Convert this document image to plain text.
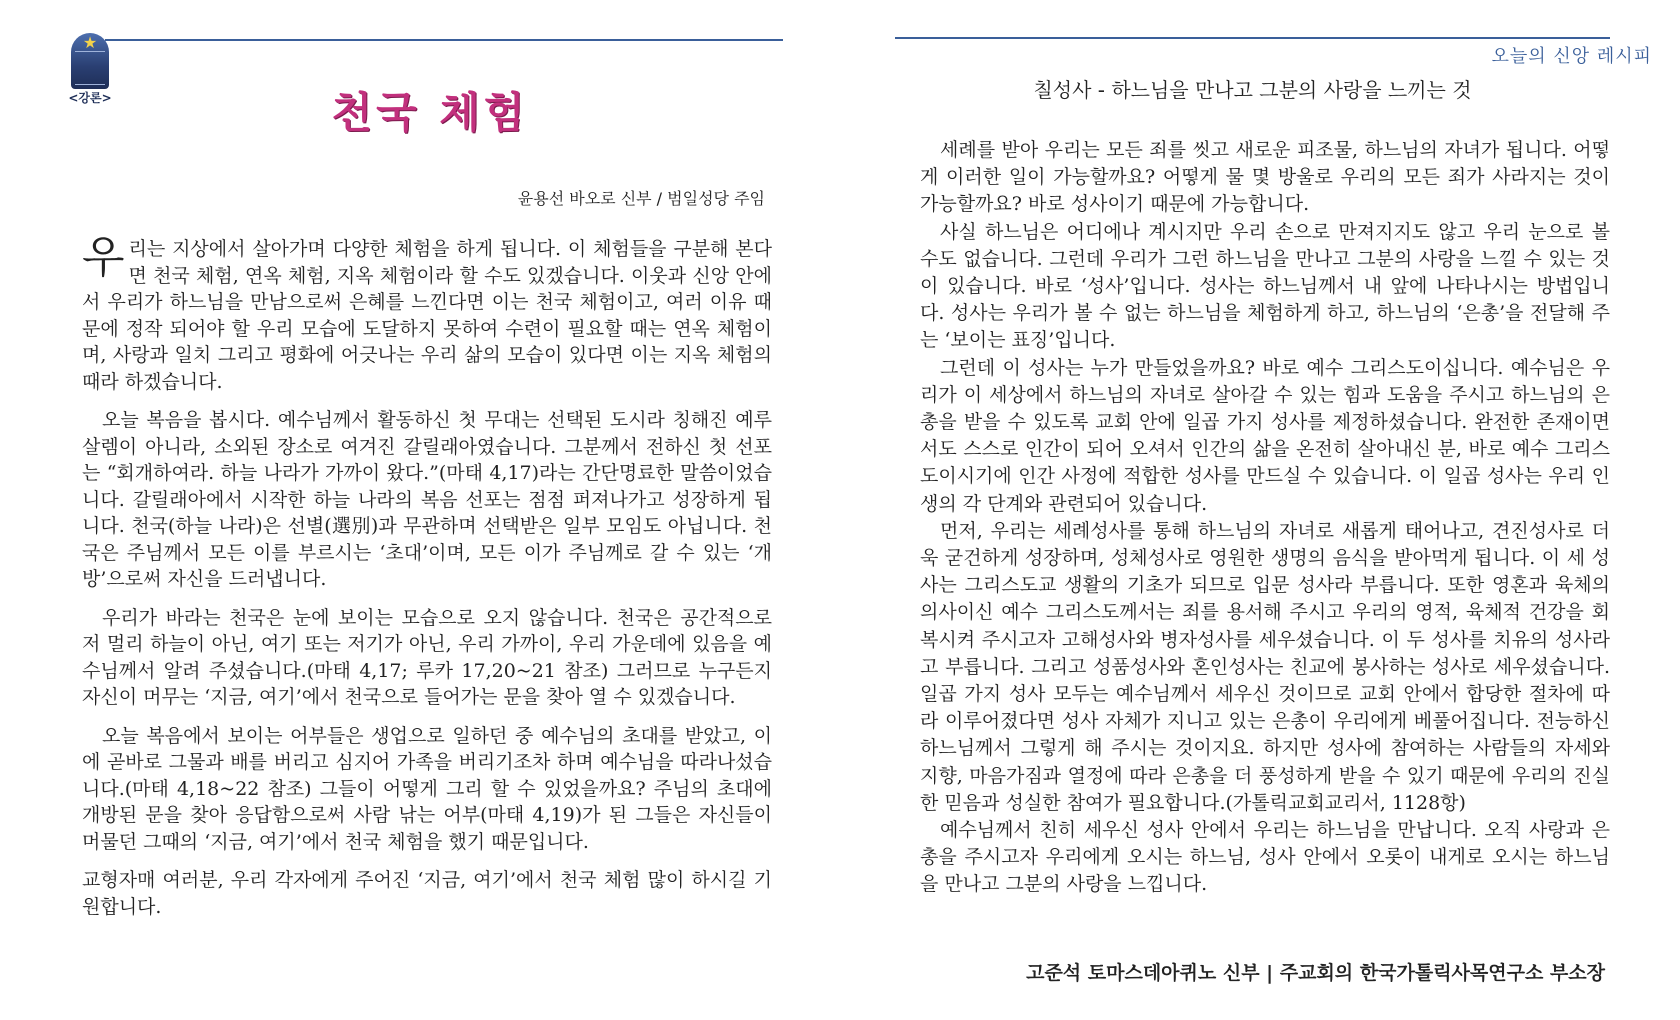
★
<강론>	천국 체험
윤용선 바오로 신부 / 범일성당 주임

우리는 지상에서 살아가며 다양한 체험을 하게 됩니다. 이 체험들을 구분해 본다면 천국 체험, 연옥 체험, 지옥 체험이라 할 수도 있겠습니다. 이웃과 신앙 안에서 우리가 하느님을 만남으로써 은혜를 느낀다면 이는 천국 체험이고, 여러 이유 때문에 정작 되어야 할 우리 모습에 도달하지 못하여 수련이 필요할 때는 연옥 체험이며, 사랑과 일치 그리고 평화에 어긋나는 우리 삶의 모습이 있다면 이는 지옥 체험의 때라 하겠습니다.

오늘 복음을 봅시다. 예수님께서 활동하신 첫 무대는 선택된 도시라 칭해진 예루살렘이 아니라, 소외된 장소로 여겨진 갈릴래아였습니다. 그분께서 전하신 첫 선포는 “회개하여라. 하늘 나라가 가까이 왔다.”(마태 4,17)라는 간단명료한 말씀이었습니다. 갈릴래아에서 시작한 하늘 나라의 복음 선포는 점점 퍼져나가고 성장하게 됩니다. 천국(하늘 나라)은 선별(選別)과 무관하며 선택받은 일부 모임도 아닙니다. 천국은 주님께서 모든 이를 부르시는 ‘초대’이며, 모든 이가 주님께로 갈 수 있는 ‘개방’으로써 자신을 드러냅니다.

우리가 바라는 천국은 눈에 보이는 모습으로 오지 않습니다. 천국은 공간적으로 저 멀리 하늘이 아닌, 여기 또는 저기가 아닌, 우리 가까이, 우리 가운데에 있음을 예수님께서 알려 주셨습니다.(마태 4,17; 루카 17,20~21 참조) 그러므로 누구든지 자신이 머무는 ‘지금, 여기’에서 천국으로 들어가는 문을 찾아 열 수 있겠습니다.

오늘 복음에서 보이는 어부들은 생업으로 일하던 중 예수님의 초대를 받았고, 이에 곧바로 그물과 배를 버리고 심지어 가족을 버리기조차 하며 예수님을 따라나섰습니다.(마태 4,18~22 참조) 그들이 어떻게 그리 할 수 있었을까요? 주님의 초대에 개방된 문을 찾아 응답함으로써 사람 낚는 어부(마태 4,19)가 된 그들은 자신들이 머물던 그때의 ‘지금, 여기’에서 천국 체험을 했기 때문입니다.

교형자매 여러분, 우리 각자에게 주어진 ‘지금, 여기’에서 천국 체험 많이 하시길 기원합니다.

오늘의 신앙 레시피
칠성사 - 하느님을 만나고 그분의 사랑을 느끼는 것

세례를 받아 우리는 모든 죄를 씻고 새로운 피조물, 하느님의 자녀가 됩니다. 어떻게 이러한 일이 가능할까요? 어떻게 물 몇 방울로 우리의 모든 죄가 사라지는 것이 가능할까요? 바로 성사이기 때문에 가능합니다.

사실 하느님은 어디에나 계시지만 우리 손으로 만져지지도 않고 우리 눈으로 볼 수도 없습니다. 그런데 우리가 그런 하느님을 만나고 그분의 사랑을 느낄 수 있는 것이 있습니다. 바로 ‘성사’입니다. 성사는 하느님께서 내 앞에 나타나시는 방법입니다. 성사는 우리가 볼 수 없는 하느님을 체험하게 하고, 하느님의 ‘은총’을 전달해 주는 ‘보이는 표징’입니다.

그런데 이 성사는 누가 만들었을까요? 바로 예수 그리스도이십니다. 예수님은 우리가 이 세상에서 하느님의 자녀로 살아갈 수 있는 힘과 도움을 주시고 하느님의 은총을 받을 수 있도록 교회 안에 일곱 가지 성사를 제정하셨습니다. 완전한 존재이면서도 스스로 인간이 되어 오셔서 인간의 삶을 온전히 살아내신 분, 바로 예수 그리스도이시기에 인간 사정에 적합한 성사를 만드실 수 있습니다. 이 일곱 성사는 우리 인생의 각 단계와 관련되어 있습니다.

먼저, 우리는 세례성사를 통해 하느님의 자녀로 새롭게 태어나고, 견진성사로 더욱 굳건하게 성장하며, 성체성사로 영원한 생명의 음식을 받아먹게 됩니다. 이 세 성사는 그리스도교 생활의 기초가 되므로 입문 성사라 부릅니다. 또한 영혼과 육체의 의사이신 예수 그리스도께서는 죄를 용서해 주시고 우리의 영적, 육체적 건강을 회복시켜 주시고자 고해성사와 병자성사를 세우셨습니다. 이 두 성사를 치유의 성사라고 부릅니다. 그리고 성품성사와 혼인성사는 친교에 봉사하는 성사로 세우셨습니다. 일곱 가지 성사 모두는 예수님께서 세우신 것이므로 교회 안에서 합당한 절차에 따라 이루어졌다면 성사 자체가 지니고 있는 은총이 우리에게 베풀어집니다. 전능하신 하느님께서 그렇게 해 주시는 것이지요. 하지만 성사에 참여하는 사람들의 자세와 지향, 마음가짐과 열정에 따라 은총을 더 풍성하게 받을 수 있기 때문에 우리의 진실한 믿음과 성실한 참여가 필요합니다.(가톨릭교회교리서, 1128항)

예수님께서 친히 세우신 성사 안에서 우리는 하느님을 만납니다. 오직 사랑과 은총을 주시고자 우리에게 오시는 하느님, 성사 안에서 오롯이 내게로 오시는 하느님을 만나고 그분의 사랑을 느낍니다.

고준석 토마스데아퀴노 신부 | 주교회의 한국가톨릭사목연구소 부소장
